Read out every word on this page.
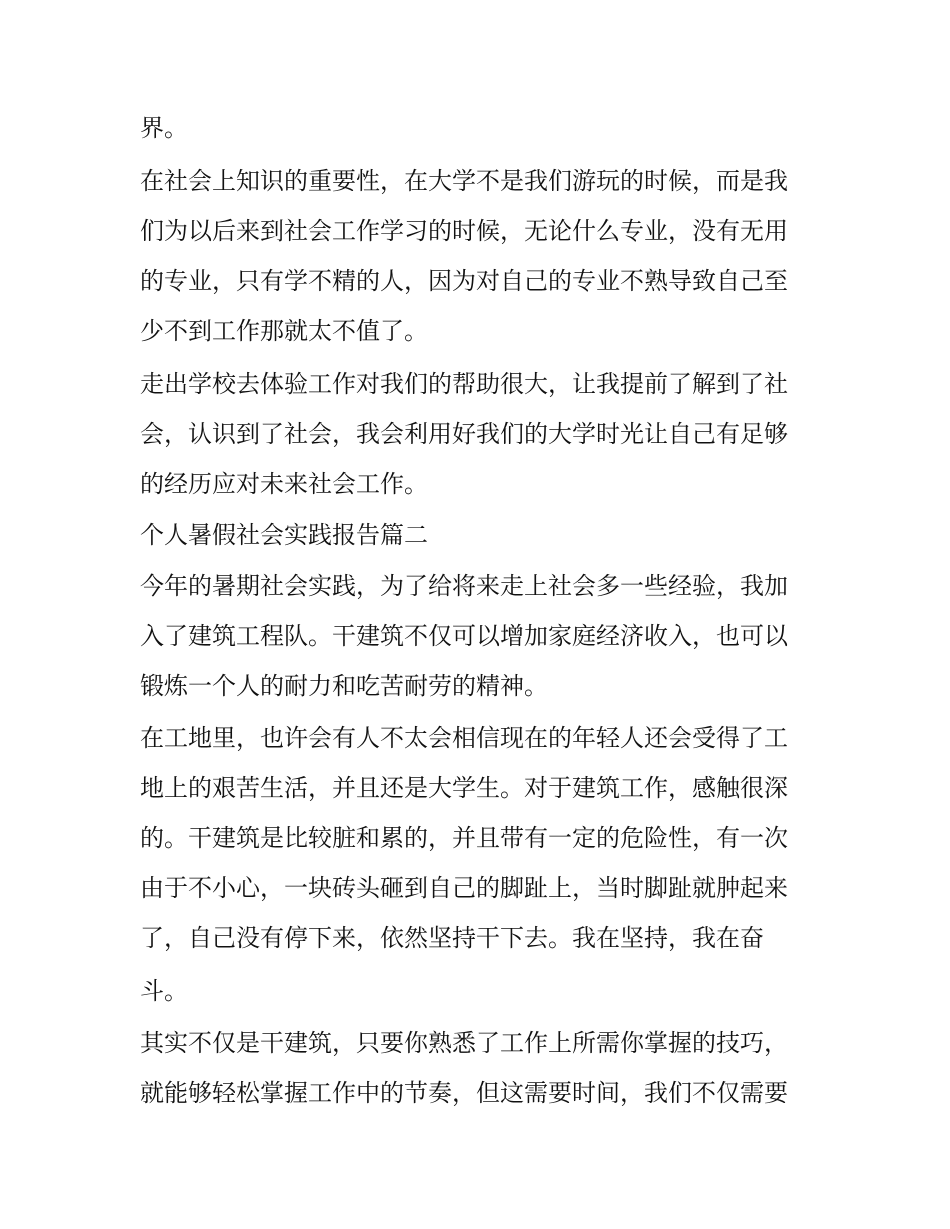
界。

在社会上知识的重要性，在大学不是我们游玩的时候，而是我

们为以后来到社会工作学习的时候，无论什么专业，没有无用

的专业，只有学不精的人，因为对自己的专业不熟导致自己至

少不到工作那就太不值了。

走出学校去体验工作对我们的帮助很大，让我提前了解到了社

会，认识到了社会，我会利用好我们的大学时光让自己有足够

的经历应对未来社会工作。

个人暑假社会实践报告篇二

今年的暑期社会实践，为了给将来走上社会多一些经验，我加

入了建筑工程队。干建筑不仅可以增加家庭经济收入，也可以

锻炼一个人的耐力和吃苦耐劳的精神。

在工地里，也许会有人不太会相信现在的年轻人还会受得了工

地上的艰苦生活，并且还是大学生。对于建筑工作，感触很深

的。干建筑是比较脏和累的，并且带有一定的危险性，有一次

由于不小心，一块砖头砸到自己的脚趾上，当时脚趾就肿起来

了，自己没有停下来，依然坚持干下去。我在坚持，我在奋

斗。

其实不仅是干建筑，只要你熟悉了工作上所需你掌握的技巧，

就能够轻松掌握工作中的节奏，但这需要时间，我们不仅需要
